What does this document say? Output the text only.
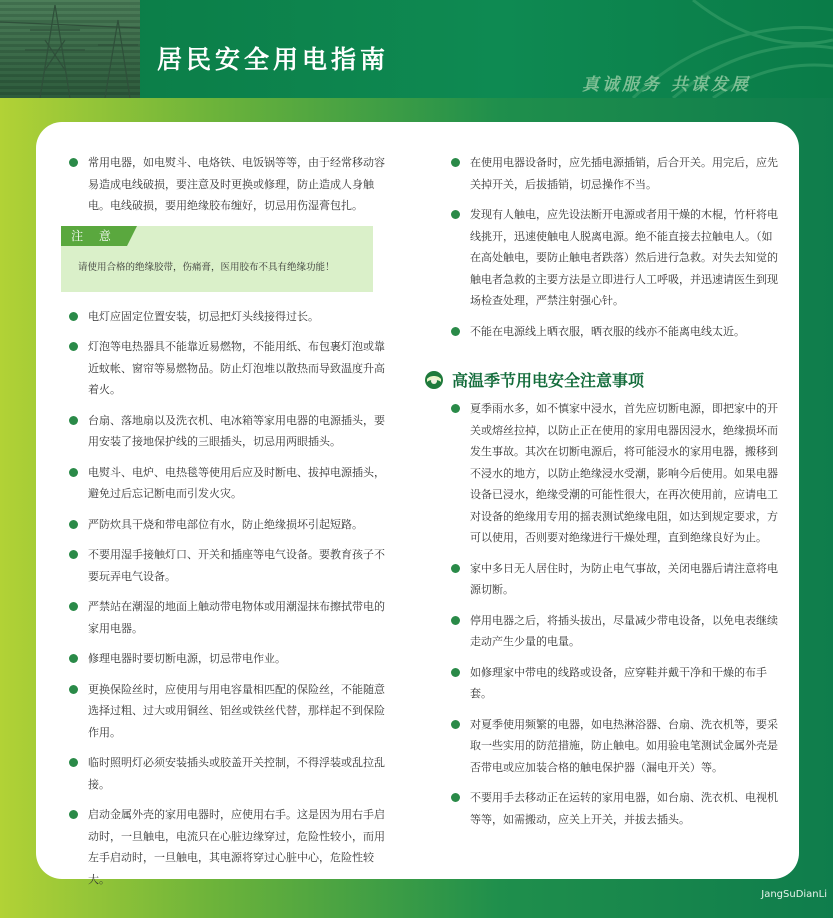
居民安全用电指南
真诚服务 共谋发展
常用电器，如电熨斗、电烙铁、电饭锅等等，由于经常移动容易造成电线破损，要注意及时更换或修理，防止造成人身触电。电线破损，要用绝缘胶布缠好，切忌用伤湿膏包扎。
注 意
请使用合格的绝缘胶带，伤痛膏，医用胶布不具有绝缘功能！
电灯应固定位置安装，切忌把灯头线接得过长。
灯泡等电热器具不能靠近易燃物，不能用纸、布包裹灯泡或靠近蚊帐、窗帘等易燃物品。防止灯泡堆以散热而导致温度升高着火。
台扇、落地扇以及洗衣机、电冰箱等家用电器的电源插头，要用安装了接地保护线的三眼插头，切忌用两眼插头。
电熨斗、电炉、电热毯等使用后应及时断电、拔掉电源插头，避免过后忘记断电而引发火灾。
严防炊具干烧和带电部位有水，防止绝缘损坏引起短路。
不要用湿手接触灯口、开关和插座等电气设备。要教育孩子不要玩弄电气设备。
严禁站在潮湿的地面上触动带电物体或用潮湿抹布擦拭带电的家用电器。
修理电器时要切断电源，切忌带电作业。
更换保险丝时，应使用与用电容量相匹配的保险丝，不能随意选择过粗、过大或用铜丝、铝丝或铁丝代替，那样起不到保险作用。
临时照明灯必须安装插头或胶盖开关控制，不得浮装或乱拉乱接。
启动金属外壳的家用电器时，应使用右手。这是因为用右手启动时，一旦触电，电流只在心脏边缘穿过，危险性较小，而用左手启动时，一旦触电，其电源将穿过心脏中心，危险性较大。
在使用电器设备时，应先插电源插销，后合开关。用完后，应先关掉开关，后拔插销，切忌操作不当。
发现有人触电，应先设法断开电源或者用干燥的木棍，竹杆将电线挑开，迅速使触电人脱离电源。绝不能直接去拉触电人。（如在高处触电，要防止触电者跌落）然后进行急救。对失去知觉的触电者急救的主要方法是立即进行人工呼吸，并迅速请医生到现场检查处理，严禁注射强心针。
不能在电源线上晒衣服，晒衣服的线亦不能离电线太近。
高温季节用电安全注意事项
夏季雨水多，如不慎家中浸水，首先应切断电源，即把家中的开关或熔丝拉掉，以防止正在使用的家用电器因浸水，绝缘损坏而发生事故。其次在切断电源后，将可能浸水的家用电器，搬移到不浸水的地方，以防止绝缘浸水受潮，影响今后使用。如果电器设备已浸水，绝缘受潮的可能性很大，在再次使用前，应请电工对设备的绝缘用专用的摇表测试绝缘电阻，如达到规定要求，方可以使用，否则要对绝缘进行干燥处理，直到绝缘良好为止。
家中多日无人居住时，为防止电气事故，关闭电器后请注意将电源切断。
停用电器之后，将插头拔出，尽量减少带电设备，以免电表继续走动产生少量的电量。
如修理家中带电的线路或设备，应穿鞋并戴干净和干燥的布手套。
对夏季使用频繁的电器，如电热淋浴器、台扇、洗衣机等，要采取一些实用的防范措施，防止触电。如用验电笔测试金属外壳是否带电或应加装合格的触电保护器（漏电开关）等。
不要用手去移动正在运转的家用电器，如台扇、洗衣机、电视机等等，如需搬动，应关上开关，并拔去插头。
JangSuDianLi
